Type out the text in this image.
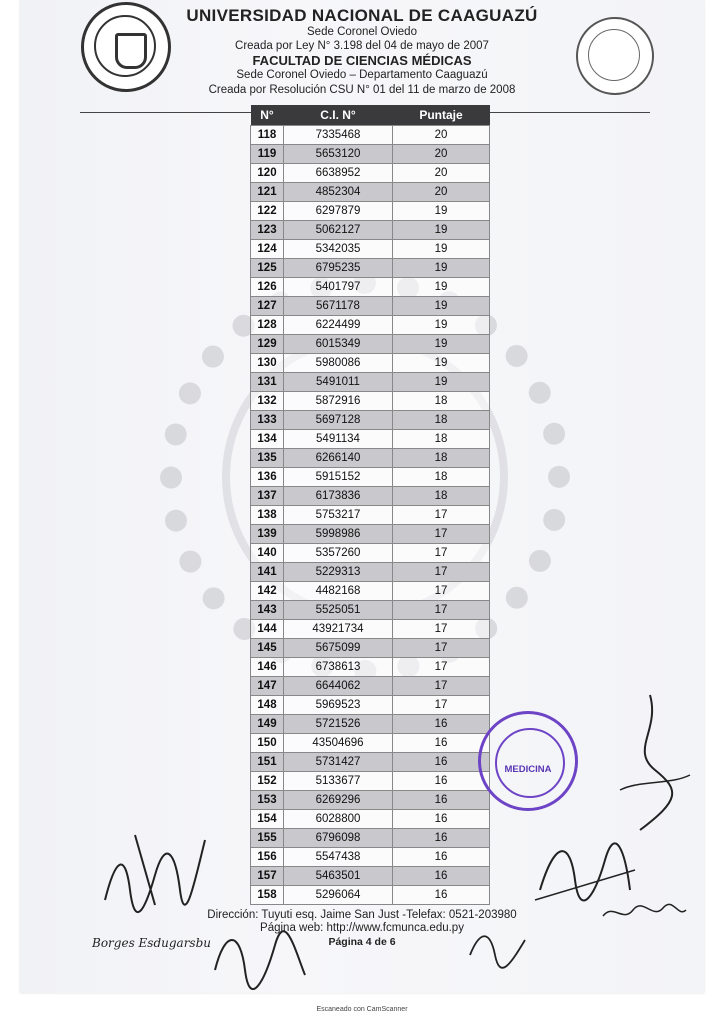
UNIVERSIDAD NACIONAL DE CAAGUAZÚ
Sede Coronel Oviedo
Creada por Ley N° 3.198 del 04 de mayo de 2007
FACULTAD DE CIENCIAS MÉDICAS
Sede Coronel Oviedo – Departamento Caaguazú
Creada por Resolución CSU N° 01 del 11 de marzo de 2008
N°	C.I. N°	Puntaje
118	7335468	20
119	5653120	20
120	6638952	20
121	4852304	20
122	6297879	19
123	5062127	19
124	5342035	19
125	6795235	19
126	5401797	19
127	5671178	19
128	6224499	19
129	6015349	19
130	5980086	19
131	5491011	19
132	5872916	18
133	5697128	18
134	5491134	18
135	6266140	18
136	5915152	18
137	6173836	18
138	5753217	17
139	5998986	17
140	5357260	17
141	5229313	17
142	4482168	17
143	5525051	17
144	43921734	17
145	5675099	17
146	6738613	17
147	6644062	17
148	5969523	17
149	5721526	16
150	43504696	16
151	5731427	16
152	5133677	16
153	6269296	16
154	6028800	16
155	6796098	16
156	5547438	16
157	5463501	16
158	5296064	16
MEDICINA
Borges Esdugarsbu
Dirección: Tuyuti esq. Jaime San Just -Telefax: 0521-203980
Página web: http://www.fcmunca.edu.py
Página 4 de 6
Escaneado con CamScanner
